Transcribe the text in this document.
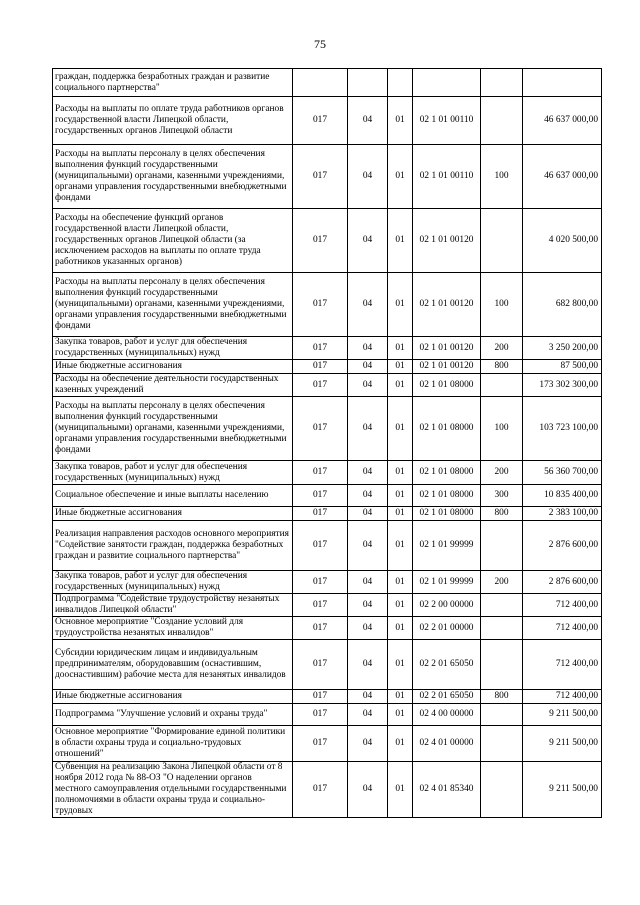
75
граждан, поддержка безработных граждан и развитие социального партнерства"						
Расходы на выплаты по оплате труда работников органов государственной власти Липецкой области, государственных органов Липецкой области	017	04	01	02 1 01 00110		46 637 000,00
Расходы на выплаты персоналу в целях обеспечения выполнения функций государственными (муниципальными) органами, казенными учреждениями, органами управления государственными внебюджетными фондами	017	04	01	02 1 01 00110	100	46 637 000,00
Расходы на обеспечение функций органов государственной власти Липецкой области, государственных органов Липецкой области (за исключением расходов на выплаты по оплате труда работников указанных органов)	017	04	01	02 1 01 00120		4 020 500,00
Расходы на выплаты персоналу в целях обеспечения выполнения функций государственными (муниципальными) органами, казенными учреждениями, органами управления государственными внебюджетными фондами	017	04	01	02 1 01 00120	100	682 800,00
Закупка товаров, работ и услуг для обеспечения государственных (муниципальных) нужд	017	04	01	02 1 01 00120	200	3 250 200,00
Иные бюджетные ассигнования	017	04	01	02 1 01 00120	800	87 500,00
Расходы на обеспечение деятельности государственных казенных учреждений	017	04	01	02 1 01 08000		173 302 300,00
Расходы на выплаты персоналу в целях обеспечения выполнения функций государственными (муниципальными) органами, казенными учреждениями, органами управления государственными внебюджетными фондами	017	04	01	02 1 01 08000	100	103 723 100,00
Закупка товаров, работ и услуг для обеспечения государственных (муниципальных) нужд	017	04	01	02 1 01 08000	200	56 360 700,00
Социальное обеспечение и иные выплаты населению	017	04	01	02 1 01 08000	300	10 835 400,00
Иные бюджетные ассигнования	017	04	01	02 1 01 08000	800	2 383 100,00
Реализация направления расходов основного мероприятия "Содействие занятости граждан, поддержка безработных граждан и развитие социального партнерства"	017	04	01	02 1 01 99999		2 876 600,00
Закупка товаров, работ и услуг для обеспечения государственных (муниципальных) нужд	017	04	01	02 1 01 99999	200	2 876 600,00
Подпрограмма "Содействие трудоустройству незанятых инвалидов Липецкой области"	017	04	01	02 2 00 00000		712 400,00
Основное мероприятие "Создание условий для трудоустройства незанятых инвалидов"	017	04	01	02 2 01 00000		712 400,00
Субсидии юридическим лицам и индивидуальным предпринимателям, оборудовавшим (оснастившим, дооснастившим) рабочие места для незанятых инвалидов	017	04	01	02 2 01 65050		712 400,00
Иные бюджетные ассигнования	017	04	01	02 2 01 65050	800	712 400,00
Подпрограмма "Улучшение условий и охраны труда"	017	04	01	02 4 00 00000		9 211 500,00
Основное мероприятие "Формирование единой политики в области охраны труда и социально-трудовых отношений"	017	04	01	02 4 01 00000		9 211 500,00
Субвенция на реализацию Закона Липецкой области от 8 ноября 2012 года № 88-ОЗ "О наделении органов местного самоуправления отдельными государственными полномочиями в области охраны труда и социально-трудовых	017	04	01	02 4 01 85340		9 211 500,00
